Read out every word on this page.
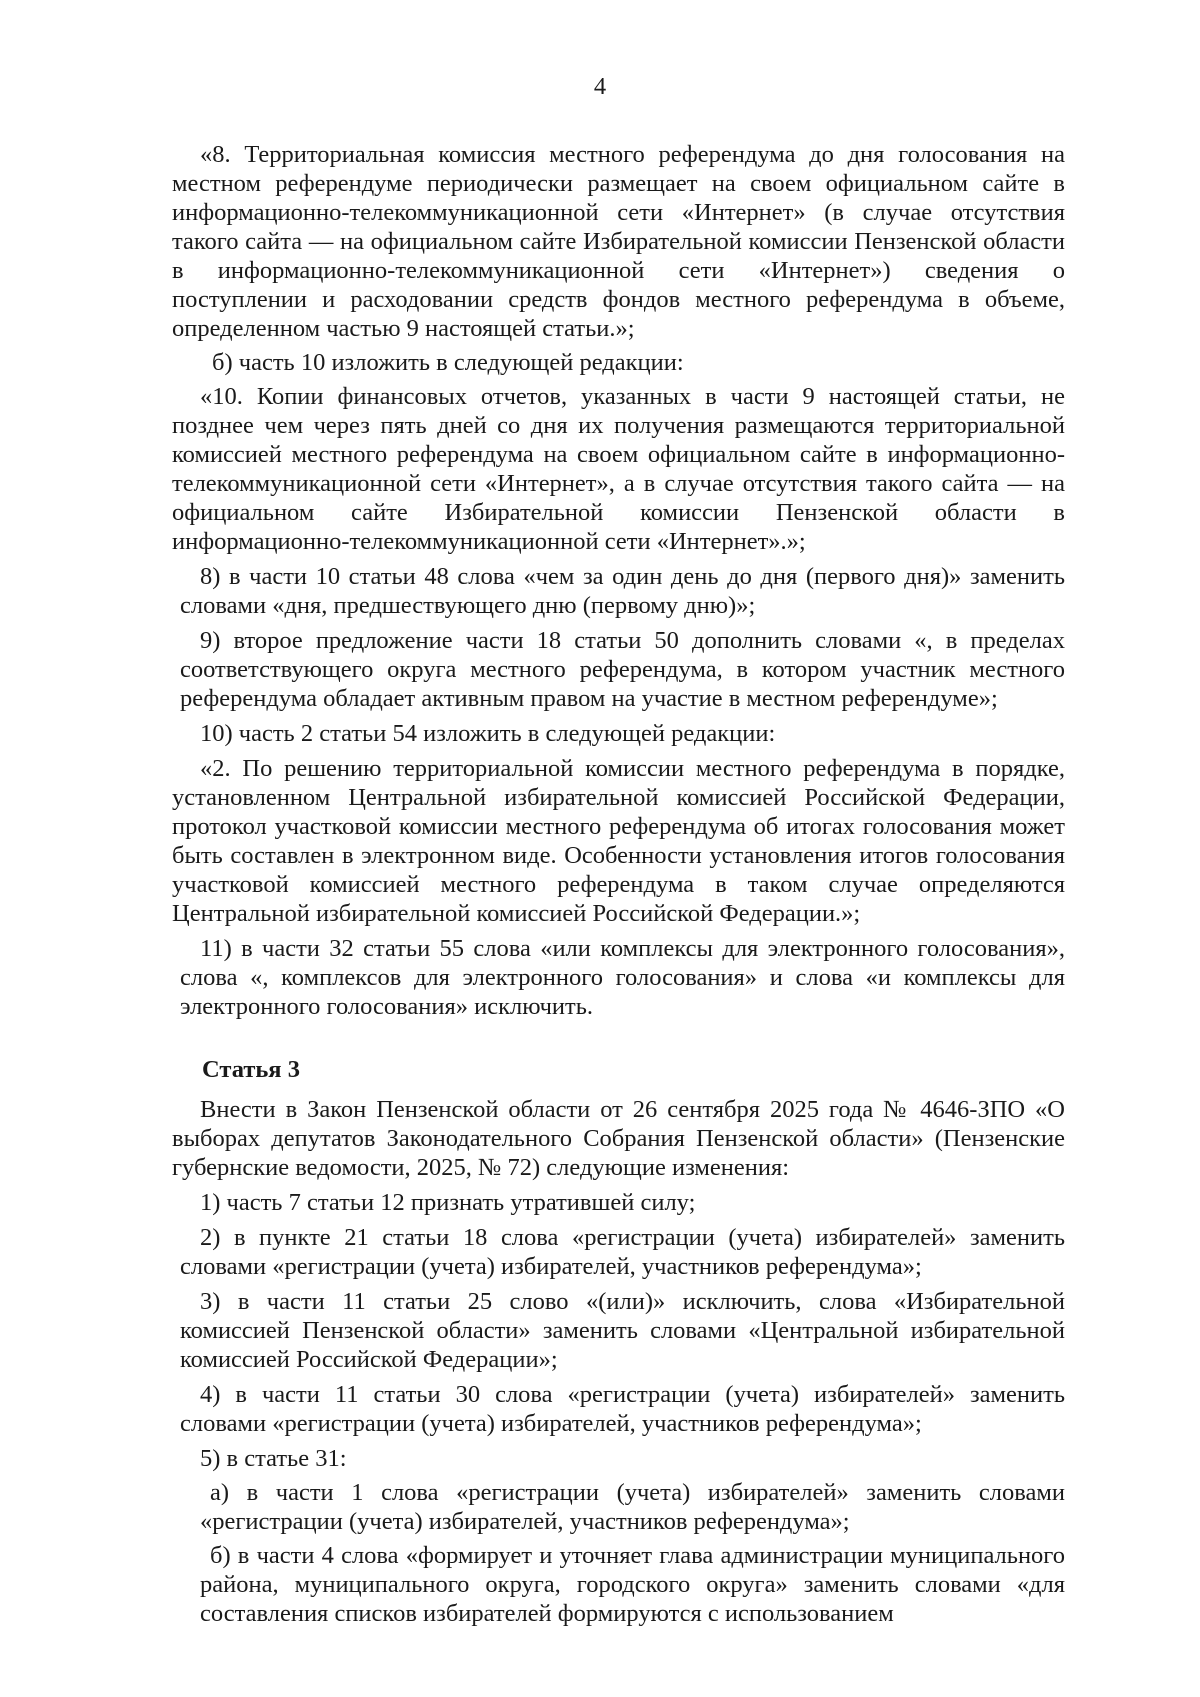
4

«8. Территориальная комиссия местного референдума до дня голосования на местном референдуме периодически размещает на своем официальном сайте в информационно-телекоммуникационной сети «Интернет» (в случае отсутствия такого сайта — на официальном сайте Избирательной комиссии Пензенской области в информационно-телекоммуникационной сети «Интернет») сведения о поступлении и расходовании средств фондов местного референдума в объеме, определенном частью 9 настоящей статьи.»;

б) часть 10 изложить в следующей редакции:

«10. Копии финансовых отчетов, указанных в части 9 настоящей статьи, не позднее чем через пять дней со дня их получения размещаются территориальной комиссией местного референдума на своем официальном сайте в информационно-телекоммуникационной сети «Интернет», а в случае отсутствия такого сайта — на официальном сайте Избирательной комиссии Пензенской области в информационно-телекоммуникационной сети «Интернет».»;

8) в части 10 статьи 48 слова «чем за один день до дня (первого дня)» заменить словами «дня, предшествующего дню (первому дню)»;

9) второе предложение части 18 статьи 50 дополнить словами «, в пределах соответствующего округа местного референдума, в котором участник местного референдума обладает активным правом на участие в местном референдуме»;

10) часть 2 статьи 54 изложить в следующей редакции:

«2. По решению территориальной комиссии местного референдума в порядке, установленном Центральной избирательной комиссией Российской Федерации, протокол участковой комиссии местного референдума об итогах голосования может быть составлен в электронном виде. Особенности установления итогов голосования участковой комиссией местного референдума в таком случае определяются Центральной избирательной комиссией Российской Федерации.»;

11) в части 32 статьи 55 слова «или комплексы для электронного голосования», слова «, комплексов для электронного голосования» и слова «и комплексы для электронного голосования» исключить.

Статья 3

Внести в Закон Пензенской области от 26 сентября 2025 года № 4646-ЗПО «О выборах депутатов Законодательного Собрания Пензенской области» (Пензенские губернские ведомости, 2025, № 72) следующие изменения:

1) часть 7 статьи 12 признать утратившей силу;

2) в пункте 21 статьи 18 слова «регистрации (учета) избирателей» заменить словами «регистрации (учета) избирателей, участников референдума»;

3) в части 11 статьи 25 слово «(или)» исключить, слова «Избирательной комиссией Пензенской области» заменить словами «Центральной избирательной комиссией Российской Федерации»;

4) в части 11 статьи 30 слова «регистрации (учета) избирателей» заменить словами «регистрации (учета) избирателей, участников референдума»;

5) в статье 31:

а) в части 1 слова «регистрации (учета) избирателей» заменить словами «регистрации (учета) избирателей, участников референдума»;

б) в части 4 слова «формирует и уточняет глава администрации муниципального района, муниципального округа, городского округа» заменить словами «для составления списков избирателей формируются с использованием
